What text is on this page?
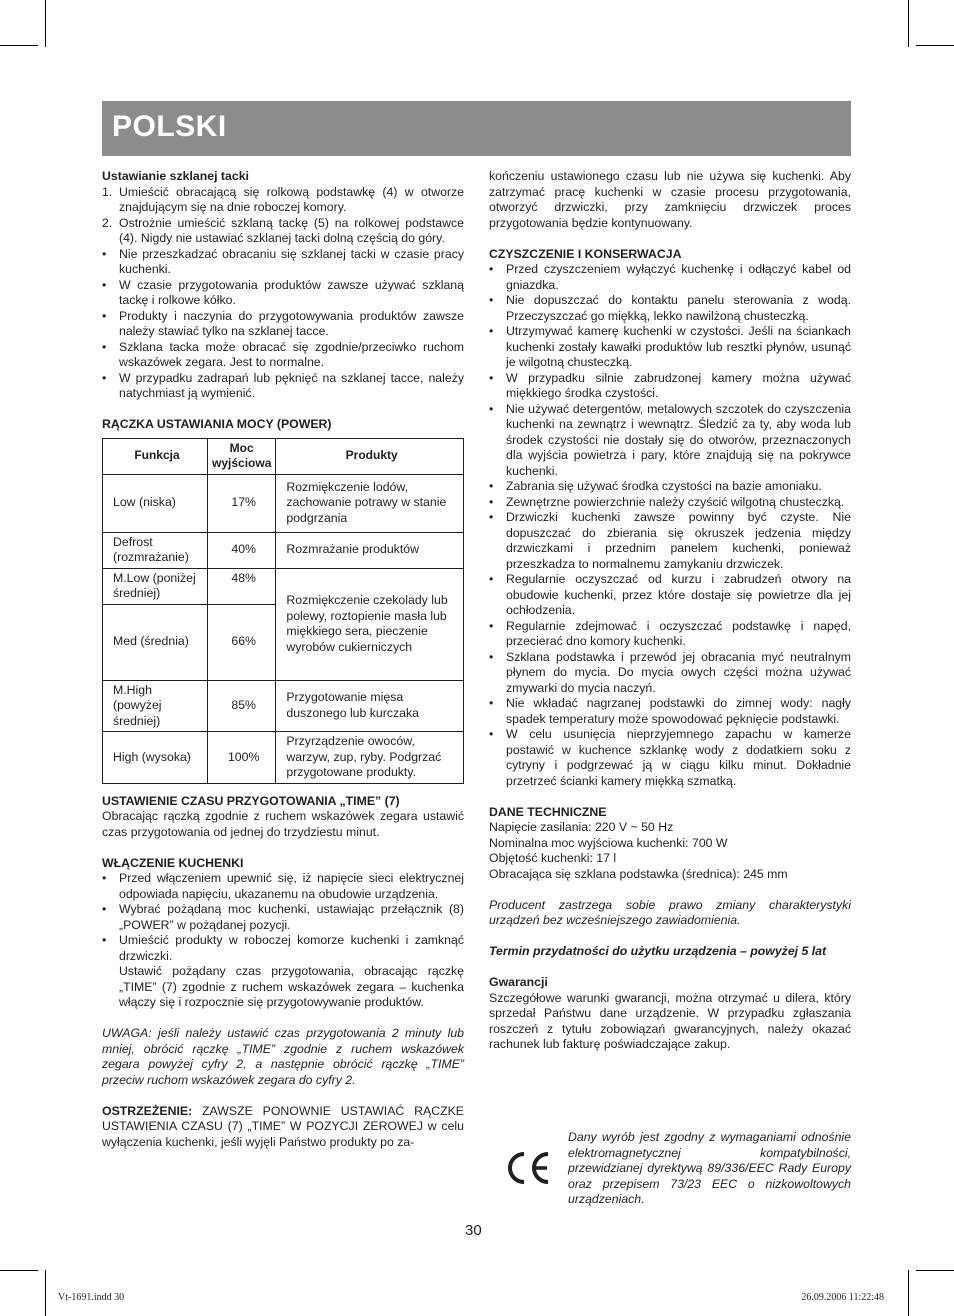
POLSKI

Ustawianie szklanej tacki

1. Umieścić obracającą się rolkową podstawkę (4) w otworze znajdującym się na dnie roboczej komory.

2. Ostrożnie umieścić szklaną tackę (5) na rolkowej podstawce (4). Nigdy nie ustawiać szklanej tacki dolną częścią do góry.

• Nie przeszkadzać obracaniu się szklanej tacki w czasie pracy kuchenki.

• W czasie przygotowania produktów zawsze używać szklaną tackę i rolkowe kółko.

• Produkty i naczynia do przygotowywania produktów zawsze należy stawiać tylko na szklanej tacce.

• Szklana tacka może obracać się zgodnie/przeciwko ruchom wskazówek zegara. Jest to normalne.

• W przypadku zadrapań lub pęknięć na szklanej tacce, należy natychmiast ją wymienić.

RĄCZKA USTAWIANIA MOCY (POWER)

Funkcja	Moc wyjściowa	Produkty
Low (niska)	17%	Rozmiękczenie lodów, zachowanie potrawy w stanie podgrzania
Defrost (rozmrażanie)	40%	Rozmrażanie produktów
M.Low (poniżej średniej)	48%	Rozmiękczenie czekolady lub polewy, roztopienie masła lub miękkiego sera, pieczenie wyrobów cukierniczych
Med (średnia)	66%	
M.High (powyżej średniej)	85%	Przygotowanie mięsa duszonego lub kurczaka
High (wysoka)	100%	Przyrządzenie owoców, warzyw, zup, ryby. Podgrzać przygotowane produkty.

USTAWIENIE CZASU PRZYGOTOWANIA „TIME” (7)

Obracając rączką zgodnie z ruchem wskazówek zegara ustawić czas przygotowania od jednej do trzydziestu minut.

WŁĄCZENIE KUCHENKI

• Przed włączeniem upewnić się, iż napięcie sieci elektrycznej odpowiada napięciu, ukazanemu na obudowie urządzenia.

• Wybrać pożądaną moc kuchenki, ustawiając przełącznik (8) „POWER” w pożądanej pozycji.

• Umieścić produkty w roboczej komorze kuchenki i zamknąć drzwiczki.

Ustawić pożądany czas przygotowania, obracając rączkę „TIME” (7) zgodnie z ruchem wskazówek zegara – kuchenka włączy się i rozpocznie się przygotowywanie produktów.

UWAGA: jeśli należy ustawić czas przygotowania 2 minuty lub mniej, obrócić rączkę „TIME” zgodnie z ruchem wskazówek zegara powyżej cyfry 2, a następnie obrócić rączkę „TIME” przeciw ruchom wskazówek zegara do cyfry 2.

OSTRZEŻENIE: ZAWSZE PONOWNIE USTAWIAĆ RĄCZKE USTAWIENIA CZASU (7) „TIME” W POZYCJI ZEROWEJ w celu wyłączenia kuchenki, jeśli wyjęli Państwo produkty po za-

kończeniu ustawionego czasu lub nie używa się kuchenki. Aby zatrzymać pracę kuchenki w czasie procesu przygotowania, otworzyć drzwiczki, przy zamknięciu drzwiczek proces przygotowania będzie kontynuowany.

CZYSZCZENIE I KONSERWACJA

• Przed czyszczeniem wyłączyć kuchenkę i odłączyć kabel od gniazdka.

• Nie dopuszczać do kontaktu panelu sterowania z wodą. Przeczyszczać go miękką, lekko nawilżoną chusteczką.

• Utrzymywać kamerę kuchenki w czystości. Jeśli na ściankach kuchenki zostały kawałki produktów lub resztki płynów, usunąć je wilgotną chusteczką.

• W przypadku silnie zabrudzonej kamery można używać miękkiego środka czystości.

• Nie używać detergentów, metalowych szczotek do czyszczenia kuchenki na zewnątrz i wewnątrz. Śledzić za ty, aby woda lub środek czystości nie dostały się do otworów, przeznaczonych dla wyjścia powietrza i pary, które znajdują się na pokrywce kuchenki.

• Zabrania się używać środka czystości na bazie amoniaku.

• Zewnętrzne powierzchnie należy czyścić wilgotną chusteczką.

• Drzwiczki kuchenki zawsze powinny być czyste. Nie dopuszczać do zbierania się okruszek jedzenia między drzwiczkami i przednim panelem kuchenki, ponieważ przeszkadza to normalnemu zamykaniu drzwiczek.

• Regularnie oczyszczać od kurzu i zabrudzeń otwory na obudowie kuchenki, przez które dostaje się powietrze dla jej ochłodzenia.

• Regularnie zdejmować i oczyszczać podstawkę i napęd, przecierać dno komory kuchenki.

• Szklana podstawka i przewód jej obracania myć neutralnym płynem do mycia. Do mycia owych części można używać zmywarki do mycia naczyń.

• Nie wkładać nagrzanej podstawki do zimnej wody: nagły spadek temperatury może spowodować pęknięcie podstawki.

• W celu usunięcia nieprzyjemnego zapachu w kamerze postawić w kuchence szklankę wody z dodatkiem soku z cytryny i podgrzewać ją w ciągu kilku minut. Dokładnie przetrzeć ścianki kamery miękką szmatką.

DANE TECHNICZNE

Napięcie zasilania: 220 V ~ 50 Hz

Nominalna moc wyjściowa kuchenki: 700 W

Objętość kuchenki: 17 l

Obracająca się szklana podstawka (średnica): 245 mm

Producent zastrzega sobie prawo zmiany charakterystyki urządzeń bez wcześniejszego zawiadomienia.

Termin przydatności do użytku urządzenia – powyżej 5 lat

Gwarancji

Szczegółowe warunki gwarancji, można otrzymać u dilera, który sprzedał Państwu dane urządzenie. W przypadku zgłaszania roszczeń z tytułu zobowiązań gwarancyjnych, należy okazać rachunek lub fakturę poświadczające zakup.

Dany wyrób jest zgodny z wymaganiami odnośnie elektromagnetycznej kompatybilności, przewidzianej dyrektywą 89/336/EEC Rady Europy oraz przepisem 73/23 EEC o nizkowoltowych urządzeniach.

30
Vt-1691.indd 30	26.09.2006 11:22:48
